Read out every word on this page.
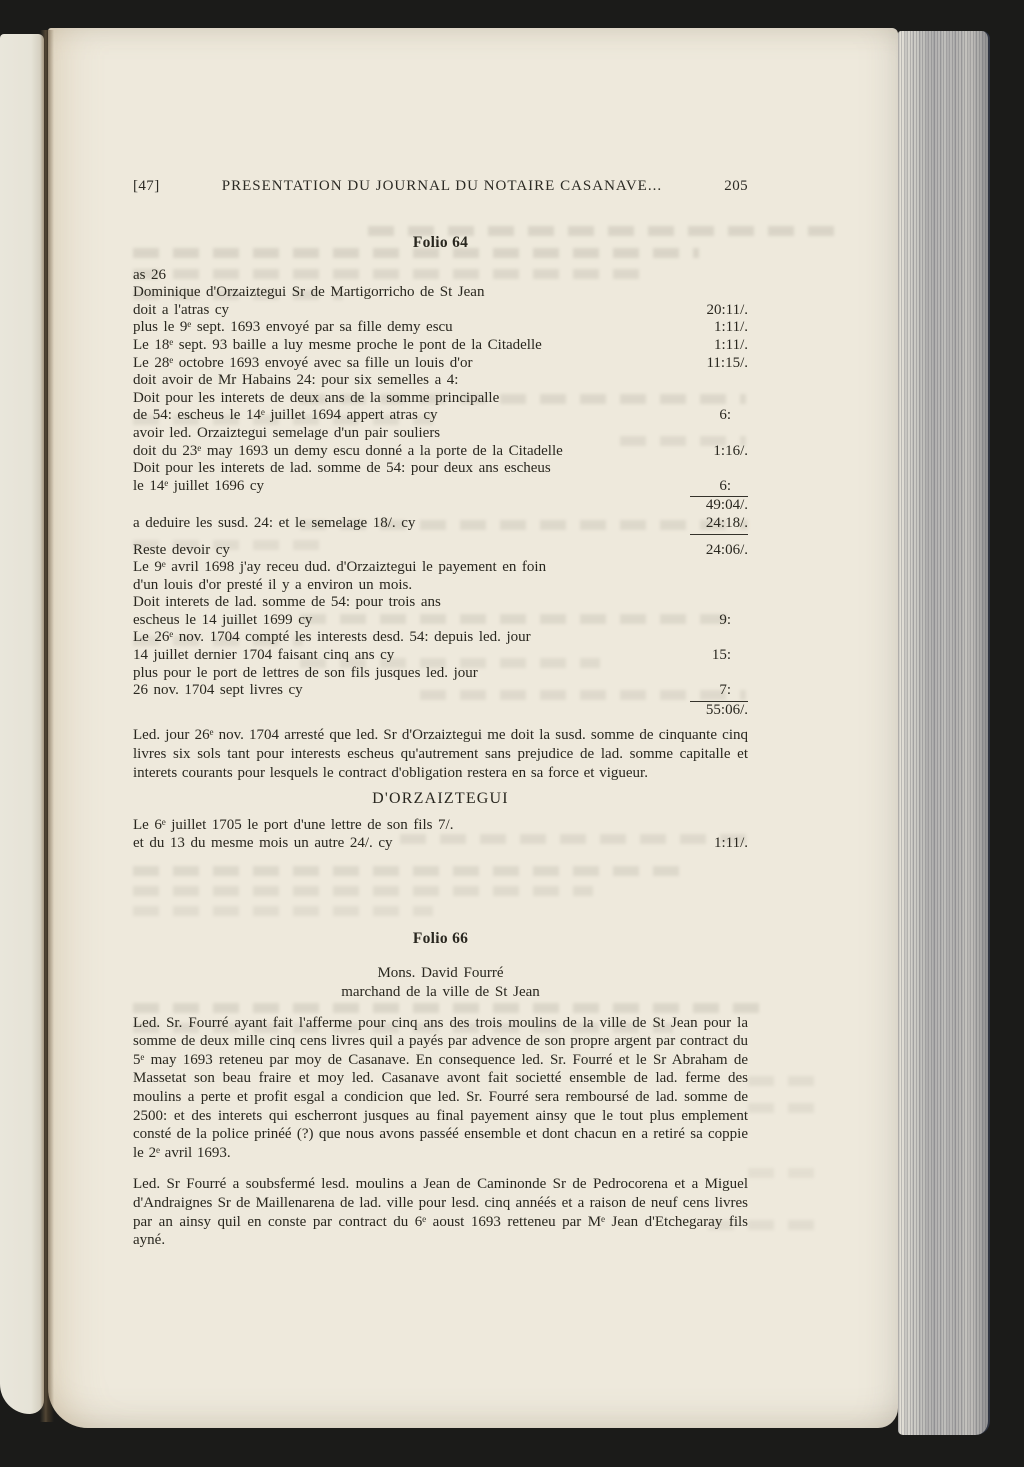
[47]	PRESENTATION DU JOURNAL DU NOTAIRE CASANAVE...	205

Folio 64

as 26
Dominique d'Orzaiztegui Sr de Martigorricho de St Jean
doit a l'atras cy	20:11/.
plus le 9ᵉ sept. 1693 envoyé par sa fille demy escu	1:11/.
Le 18ᵉ sept. 93 baille a luy mesme proche le pont de la Citadelle	1:11/.
Le 28ᵉ octobre 1693 envoyé avec sa fille un louis d'or	11:15/.
doit avoir de Mr Habains 24: pour six semelles a 4:
Doit pour les interets de deux ans de la somme principalle
de 54: escheus le 14ᵉ juillet 1694 appert atras cy	6:
avoir led. Orzaiztegui semelage d'un pair souliers
doit du 23ᵉ may 1693 un demy escu donné a la porte de la Citadelle	1:16/.
Doit pour les interets de lad. somme de 54: pour deux ans escheus
le 14ᵉ juillet 1696 cy	6:
49:04/.
a deduire les susd. 24: et le semelage 18/. cy	24:18/.
Reste devoir cy	24:06/.
Le 9ᵉ avril 1698 j'ay receu dud. d'Orzaiztegui le payement en foin
d'un louis d'or presté il y a environ un mois.
Doit interets de lad. somme de 54: pour trois ans
escheus le 14 juillet 1699 cy	9:
Le 26ᵉ nov. 1704 compté les interests desd. 54: depuis led. jour
14 juillet dernier 1704 faisant cinq ans cy	15:
plus pour le port de lettres de son fils jusques led. jour
26 nov. 1704 sept livres cy	7:
55:06/.

Led. jour 26ᵉ nov. 1704 arresté que led. Sr d'Orzaiztegui me doit la susd. somme de cinquante cinq livres six sols tant pour interests escheus qu'autrement sans prejudice de lad. somme capitalle et interets courants pour lesquels le contract d'obligation restera en sa force et vigueur.

D'ORZAIZTEGUI

Le 6ᵉ juillet 1705 le port d'une lettre de son fils 7/.
et du 13 du mesme mois un autre 24/. cy	1:11/.

Folio 66

Mons. David Fourré

marchand de la ville de St Jean

Led. Sr. Fourré ayant fait l'afferme pour cinq ans des trois moulins de la ville de St Jean pour la somme de deux mille cinq cens livres quil a payés par advence de son propre argent par contract du 5ᵉ may 1693 reteneu par moy de Casanave. En consequence led. Sr. Fourré et le Sr Abraham de Massetat son beau fraire et moy led. Casanave avont fait societté ensemble de lad. ferme des moulins a perte et profit esgal a condicion que led. Sr. Fourré sera remboursé de lad. somme de 2500: et des interets qui escherront jusques au final payement ainsy que le tout plus emplement consté de la police prinéé (?) que nous avons passéé ensemble et dont chacun en a retiré sa coppie le 2ᵉ avril 1693.

Led. Sr Fourré a soubsfermé lesd. moulins a Jean de Caminonde Sr de Pedrocorena et a Miguel d'Andraignes Sr de Maillenarena de lad. ville pour lesd. cinq annéés et a raison de neuf cens livres par an ainsy quil en conste par contract du 6ᵉ aoust 1693 retteneu par Mᵉ Jean d'Etchegaray fils ayné.
